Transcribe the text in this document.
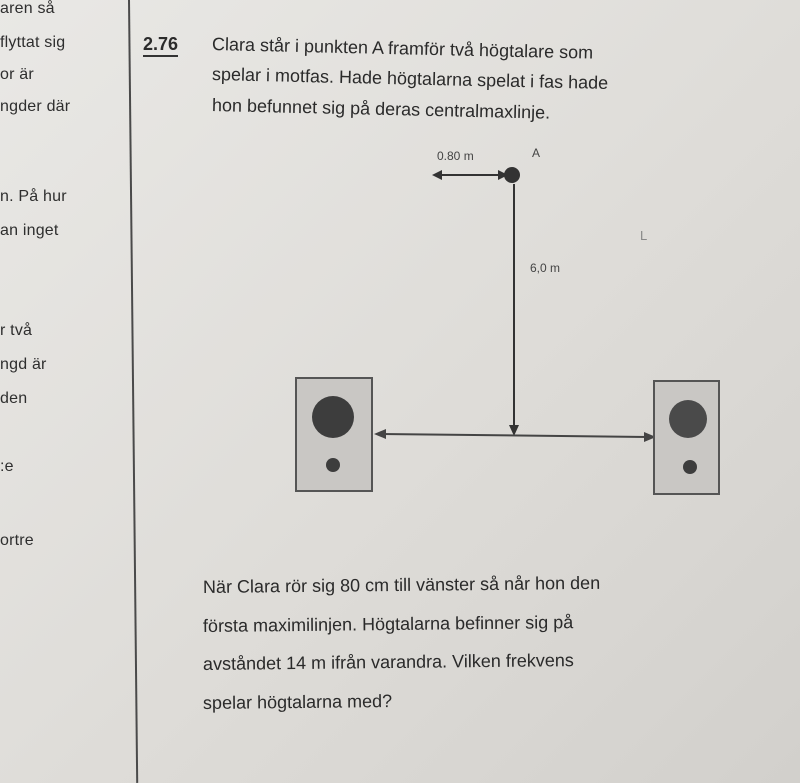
aren så
flyttat sig
or är
ngder där
n. På hur
an inget
r två
ngd är
den
:e
ortre
2.76 Clara står i punkten A framför två högtalare som
spelar i motfas. Hade högtalarna spelat i fas hade
hon befunnet sig på deras centralmaxlinje.
0.80 m	A
6,0 m
L
När Clara rör sig 80 cm till vänster så når hon den
första maximilinjen. Högtalarna befinner sig på
avståndet 14 m ifrån varandra. Vilken frekvens
spelar högtalarna med?
